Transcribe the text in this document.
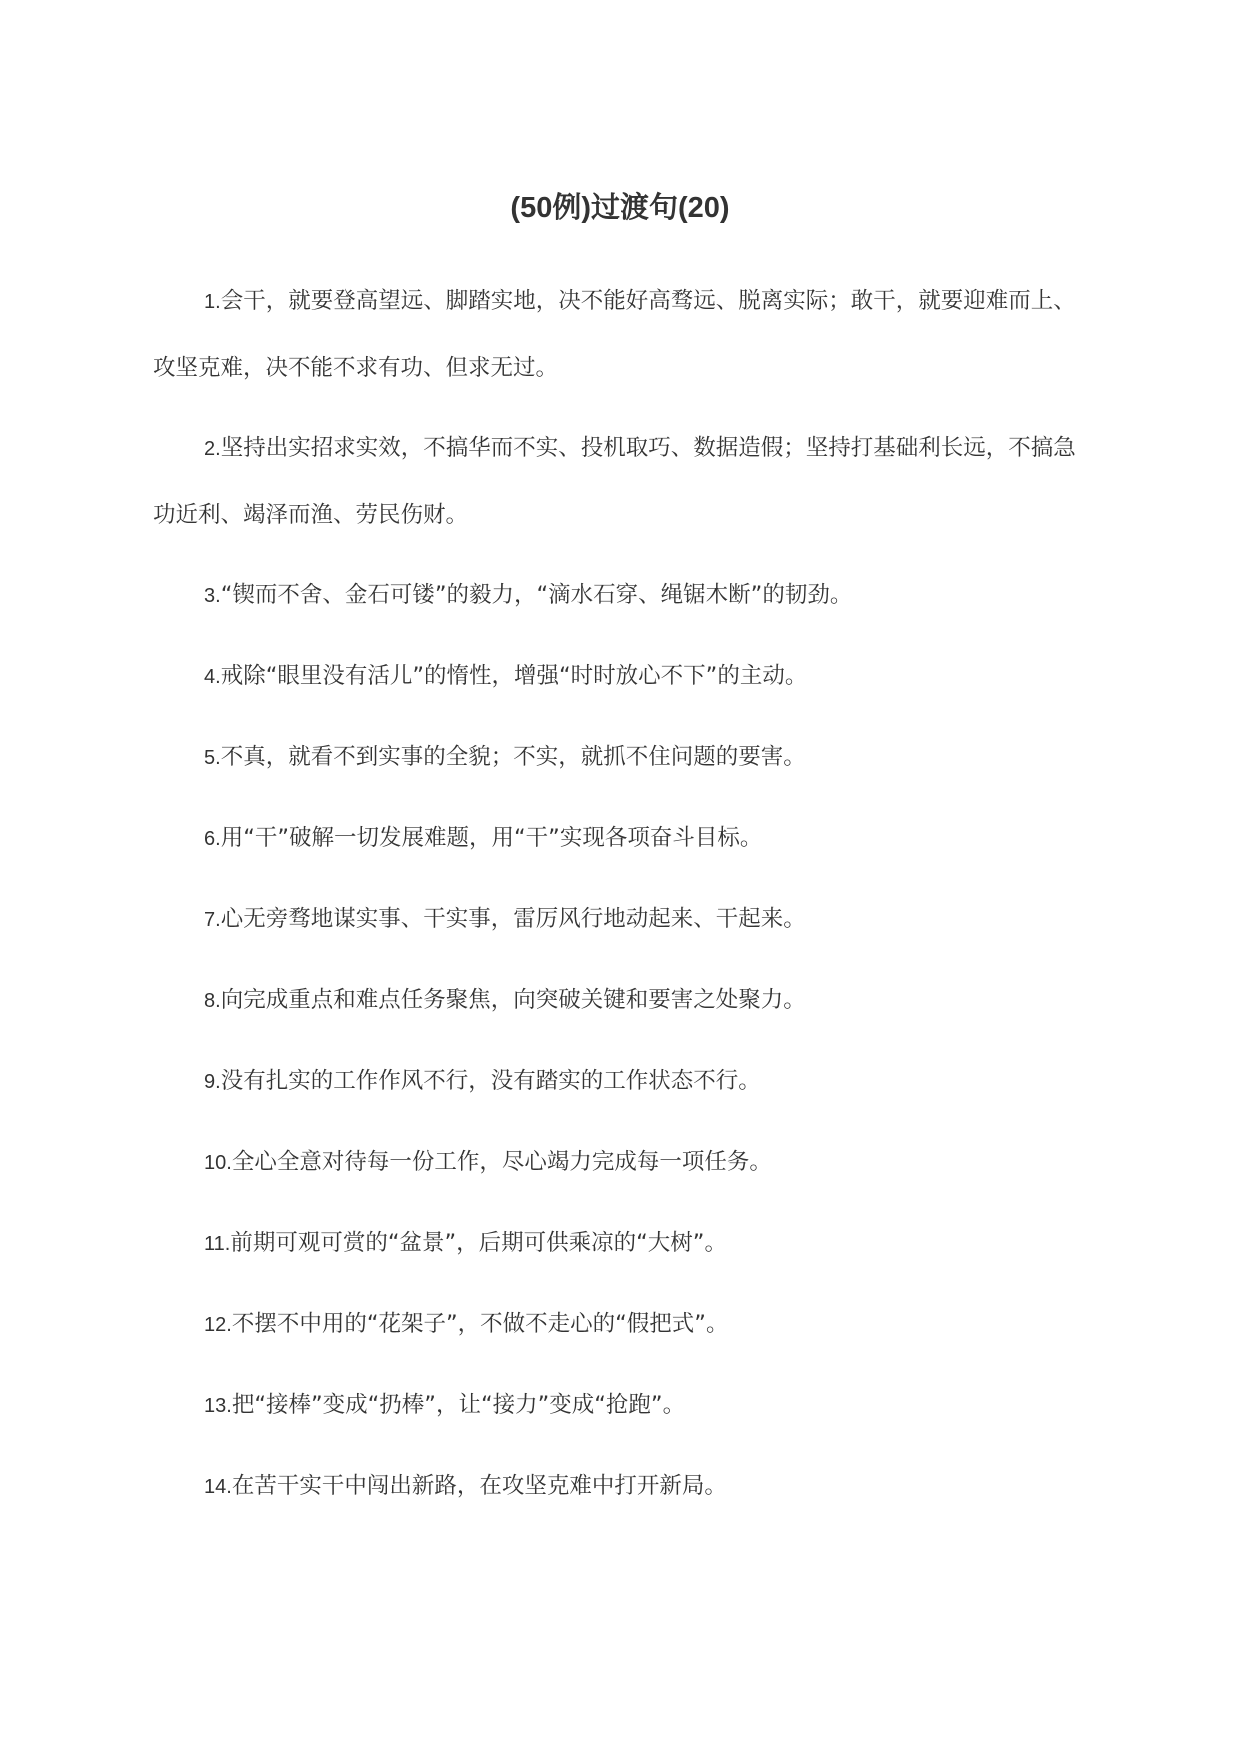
(50例)过渡句(20)

1.会干，就要登高望远、脚踏实地，决不能好高骛远、脱离实际；敢干，就要迎难而上、攻坚克难，决不能不求有功、但求无过。

2.坚持出实招求实效，不搞华而不实、投机取巧、数据造假；坚持打基础利长远，不搞急功近利、竭泽而渔、劳民伤财。

3.“锲而不舍、金石可镂”的毅力，“滴水石穿、绳锯木断”的韧劲。

4.戒除“眼里没有活儿”的惰性，增强“时时放心不下”的主动。

5.不真，就看不到实事的全貌；不实，就抓不住问题的要害。

6.用“干”破解一切发展难题，用“干”实现各项奋斗目标。

7.心无旁骛地谋实事、干实事，雷厉风行地动起来、干起来。

8.向完成重点和难点任务聚焦，向突破关键和要害之处聚力。

9.没有扎实的工作作风不行，没有踏实的工作状态不行。

10.全心全意对待每一份工作，尽心竭力完成每一项任务。

11.前期可观可赏的“盆景”，后期可供乘凉的“大树”。

12.不摆不中用的“花架子”，不做不走心的“假把式”。

13.把“接棒”变成“扔棒”，让“接力”变成“抢跑”。

14.在苦干实干中闯出新路，在攻坚克难中打开新局。
